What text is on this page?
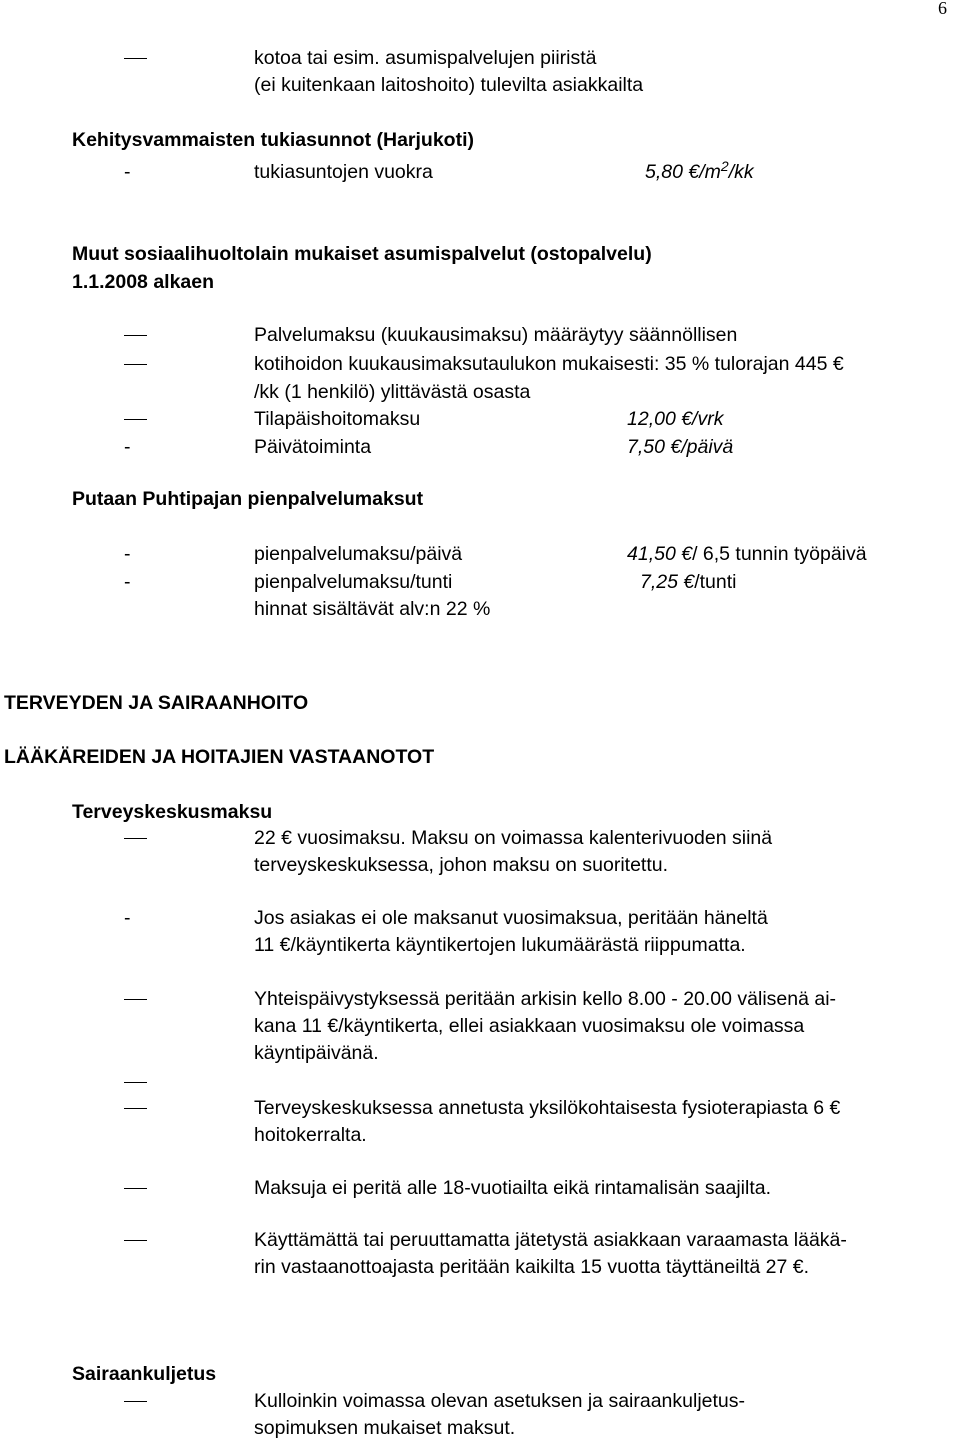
6
kotoa tai esim. asumispalvelujen piiristä
(ei kuitenkaan laitoshoito) tulevilta asiakkailta
Kehitysvammaisten tukiasunnot (Harjukoti)
-	tukiasuntojen vuokra	5,80 $€/m^2/kk$
Muut sosiaalihuoltolain mukaiset asumispalvelut (ostopalvelu)
1.1.2008 alkaen
Palvelumaksu (kuukausimaksu) määräytyy säännöllisen
kotihoidon kuukausimaksutaulukon mukaisesti: 35 % tulorajan 445 €
/kk (1 henkilö) ylittävästä osasta
Tilapäishoitomaksu	12,00 €/vrk
-	Päivätoiminta	7,50 €/päivä
Putaan Puhtipajan pienpalvelumaksut
-	pienpalvelumaksu/päivä	41,50 €/ 6,5 tunnin työpäivä
-	pienpalvelumaksu/tunti	7,25 €/tunti
hinnat sisältävät alv:n 22 %
TERVEYDEN JA SAIRAANHOITO
LÄÄKÄREIDEN JA HOITAJIEN VASTAANOTOT
Terveyskeskusmaksu
22 € vuosimaksu. Maksu on voimassa kalenterivuoden siinä
terveyskeskuksessa, johon maksu on suoritettu.
-	Jos asiakas ei ole maksanut vuosimaksua, peritään häneltä
11 €/käyntikerta käyntikertojen lukumäärästä riippumatta.
Yhteispäivystyksessä peritään arkisin kello 8.00 - 20.00 välisenä ai-
kana 11 €/käyntikerta, ellei asiakkaan vuosimaksu ole voimassa
käyntipäivänä.
Terveyskeskuksessa annetusta yksilökohtaisesta fysioterapiasta 6 €
hoitokerralta.
Maksuja ei peritä alle 18-vuotiailta eikä rintamalisän saajilta.
Käyttämättä tai peruuttamatta jätetystä asiakkaan varaamasta lääkä-
rin vastaanottoajasta peritään kaikilta 15 vuotta täyttäneiltä 27 €.
Sairaankuljetus
Kulloinkin voimassa olevan asetuksen ja sairaankuljetus-
sopimuksen mukaiset maksut.
